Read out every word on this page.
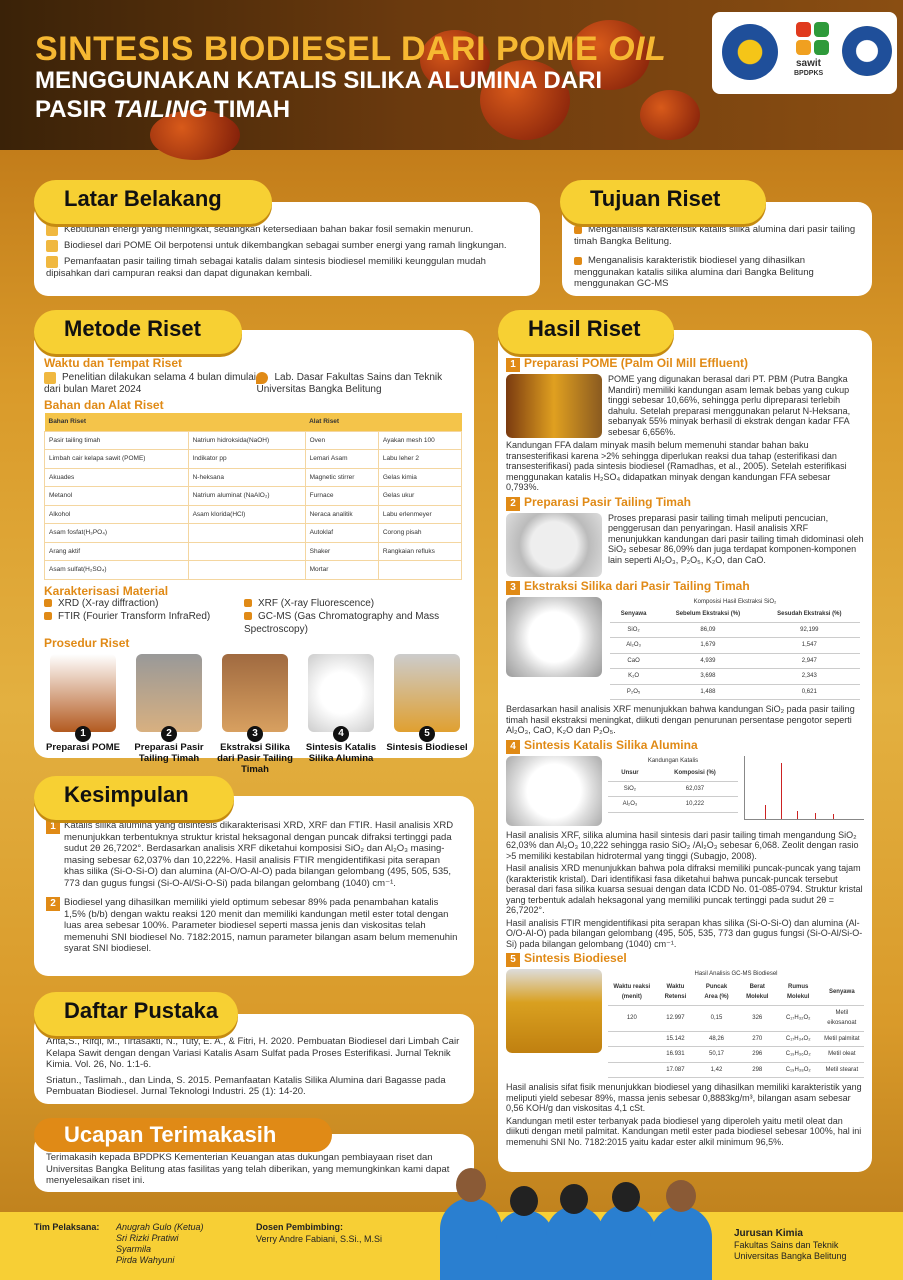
SINTESIS BIODIESEL DARI POME OIL
MENGGUNAKAN KATALIS SILIKA ALUMINA DARI
PASIR TAILING TIMAH
sawit
BPDPKS
Kebutuhan energi yang meningkat, sedangkan ketersediaan bahan bakar fosil semakin menurun.
Biodiesel dari POME Oil berpotensi untuk dikembangkan sebagai sumber energi yang ramah lingkungan.
Pemanfaatan pasir tailing timah sebagai katalis dalam sintesis biodiesel memiliki keunggulan mudah dipisahkan dari campuran reaksi dan dapat digunakan kembali.
Latar Belakang
Menganalisis karakteristik katalis silika alumina dari pasir tailing timah Bangka Belitung.
Menganalisis karakteristik biodiesel yang dihasilkan menggunakan katalis silika alumina dari Bangka Belitung menggunakan GC-MS
Tujuan Riset
Waktu dan Tempat Riset
Penelitian dilakukan selama 4 bulan dimulai dari bulan Maret 2024
Lab. Dasar Fakultas Sains dan Teknik Universitas Bangka Belitung
Bahan dan Alat Riset
Bahan Riset		Alat Riset	
Pasir tailing timah	Natrium hidroksida(NaOH)	Oven	Ayakan mesh 100
Limbah cair kelapa sawit (POME)	Indikator pp	Lemari Asam	Labu leher 2
Akuades	N-heksana	Magnetic stirrer	Gelas kimia
Metanol	Natrium aluminat (NaAlO₂)	Furnace	Gelas ukur
Alkohol	Asam klorida(HCl)	Neraca analitik	Labu erlenmeyer
Asam fosfat(H₃PO₄)		Autoklaf	Corong pisah
Arang aktif		Shaker	Rangkaian refluks
Asam sulfat(H₂SO₄)		Mortar	
Karakterisasi Material
XRD (X-ray diffraction)
FTIR (Fourier Transform InfraRed)
XRF (X-ray Fluorescence)
GC-MS (Gas Chromatography and Mass Spectroscopy)
Prosedur Riset
1
Preparasi POME
2
Preparasi Pasir Tailing Timah
3
Ekstraksi Silika dari Pasir Tailing Timah
4
Sintesis Katalis Silika Alumina
5
Sintesis Biodiesel
Metode Riset
1 Katalis silika alumina yang disintesis dikarakterisasi XRD, XRF dan FTIR. Hasil analisis XRD menunjukkan terbentuknya struktur kristal heksagonal dengan puncak difraksi tertinggi pada sudut 2θ 26,7202°. Berdasarkan analisis XRF diketahui komposisi SiO₂ dan Al₂O₃ masing-masing sebesar 62,037% dan 10,222%. Hasil analisis FTIR mengidentifikasi pita serapan khas silika (Si-O-Si-O) dan alumina (Al-O/O-Al-O) pada bilangan gelombang (495, 505, 535, 773 dan gugus fungsi (Si-O-Al/Si-O-Si) pada bilangan gelombang (1040) cm⁻¹.
2 Biodiesel yang dihasilkan memiliki yield optimum sebesar 89% pada penambahan katalis 1,5% (b/b) dengan waktu reaksi 120 menit dan memiliki kandungan metil ester total dengan luas area sebesar 100%. Parameter biodiesel seperti massa jenis dan viskositas telah memenuhi SNI biodiesel No. 7182:2015, namun parameter bilangan asam belum memenuhin syarat SNI biodiesel.
Kesimpulan
Arita,S., Rifqi, M., Tirtasakti, N., Tuty, E. A., & Fitri, H. 2020. Pembuatan Biodiesel dari Limbah Cair Kelapa Sawit dengan dengan Variasi Katalis Asam Sulfat pada Proses Esterifikasi. Jurnal Teknik Kimia. Vol. 26, No. 1:1-6.
Sriatun., Taslimah., dan Linda, S. 2015. Pemanfaatan Katalis Silika Alumina dari Bagasse pada Pembuatan Biodiesel. Jurnal Teknologi Industri. 25 (1): 14-20.
Daftar Pustaka
Terimakasih kepada BPDPKS Kementerian Keuangan atas dukungan pembiayaan riset dan Universitas Bangka Belitung atas fasilitas yang telah diberikan, yang memungkinkan kami dapat menyelesaikan riset ini.
Ucapan Terimakasih
1 Preparasi POME (Palm Oil Mill Effluent)
POME yang digunakan berasal dari PT. PBM (Putra Bangka Mandiri) memiliki kandungan asam lemak bebas yang cukup tinggi sebesar 10,66%, sehingga perlu dipreparasi terlebih dahulu. Setelah preparasi menggunakan pelarut N-Heksana, sebanyak 55% minyak berhasil di ekstrak dengan kadar FFA sebesar 6,656%.
Kandungan FFA dalam minyak masih belum memenuhi standar bahan baku transesterifikasi karena >2% sehingga diperlukan reaksi dua tahap (esterifikasi dan transesterifikasi) pada sintesis biodiesel (Ramadhas, et al., 2005). Setelah esterifikasi menggunakan katalis H₂SO₄ didapatkan minyak dengan kandungan FFA sebesar 0,793%.
2 Preparasi Pasir Tailing Timah
Proses preparasi pasir tailing timah meliputi pencucian, penggerusan dan penyaringan. Hasil analisis XRF menunjukkan kandungan dari pasir tailing timah didominasi oleh SiO₂ sebesar 86,09% dan juga terdapat komponen-komponen lain seperti Al₂O₃, P₂O₅, K₂O, dan CaO.
3 Ekstraksi Silika dari Pasir Tailing Timah
Komposisi Hasil Ekstraksi SiO₂
Senyawa	Sebelum Ekstraksi (%)	Sesudah Ekstraksi (%)
SiO₂	86,09	92,199
Al₂O₃	1,679	1,547
CaO	4,939	2,947
K₂O	3,698	2,343
P₂O₅	1,488	0,621
Berdasarkan hasil analisis XRF menunjukkan bahwa kandungan SiO₂ pada pasir tailing timah hasil ekstraksi meningkat, diikuti dengan penurunan persentase pengotor seperti Al₂O₃, CaO, K₂O dan P₂O₅.
4 Sintesis Katalis Silika Alumina
Kandungan Katalis
Unsur	Komposisi (%)
SiO₂	62,037
Al₂O₃	10,222
Hasil analisis XRF, silika alumina hasil sintesis dari pasir tailing timah mengandung SiO₂ 62,03% dan Al₂O₃ 10,222 sehingga rasio SiO₂ /Al₂O₃ sebesar 6,068. Zeolit dengan rasio >5 memiliki kestabilan hidrotermal yang tinggi (Subagjo, 2008).
Hasil analisis XRD menunjukkan bahwa pola difraksi memiliki puncak-puncak yang tajam (karakteristik kristal). Dari identifikasi fasa diketahui bahwa puncak-puncak tersebut berasal dari fasa silika kuarsa sesuai dengan data ICDD No. 01-085-0794. Struktur kristal yang terbentuk adalah heksagonal yang memiliki puncak tertinggi pada sudut 2θ = 26,7202°.
Hasil analisis FTIR mengidentifikasi pita serapan khas silika (Si-O-Si-O) dan alumina (Al-O/O-Al-O) pada bilangan gelombang (495, 505, 535, 773 dan gugus fungsi (Si-O-Al/Si-O-Si) pada bilangan gelombang (1040) cm⁻¹.
5 Sintesis Biodiesel
Hasil Analisis GC-MS Biodiesel
Waktu reaksi (menit)	Waktu Retensi	Puncak Area (%)	Berat Molekul	Rumus Molekul	Senyawa
120	12.997	0,15	326	C₁₇H₃₂O₂	Metil eikosanoat
	15.142	48,26	270	C₁₇H₃₄O₂	Metil palmitat
	16.931	50,17	296	C₁₉H₃₆O₂	Metil oleat
	17.087	1,42	298	C₁₉H₃₈O₂	Metil stearat
Hasil analisis sifat fisik menunjukkan biodiesel yang dihasilkan memiliki karakteristik yang meliputi yield sebesar 89%, massa jenis sebesar 0,8883kg/m³, bilangan asam sebesar 0,56 KOH/g dan viskositas 4,1 cSt.
Kandungan metil ester terbanyak pada biodiesel yang diperoleh yaitu metil oleat dan diikuti dengan metil palmitat. Kandungan metil ester pada biodiesel sebesar 100%, hal ini memenuhi SNI No. 7182:2015 yaitu kadar ester alkil minimum 96,5%.
Hasil Riset
Tim Pelaksana: Anugrah Gulo (Ketua)
Sri Rizki Pratiwi
Syarmila
Pirda Wahyuni
Dosen Pembimbing:
Verry Andre Fabiani, S.Si., M.Si	Jurusan Kimia
Fakultas Sains dan Teknik
Universitas Bangka Belitung
